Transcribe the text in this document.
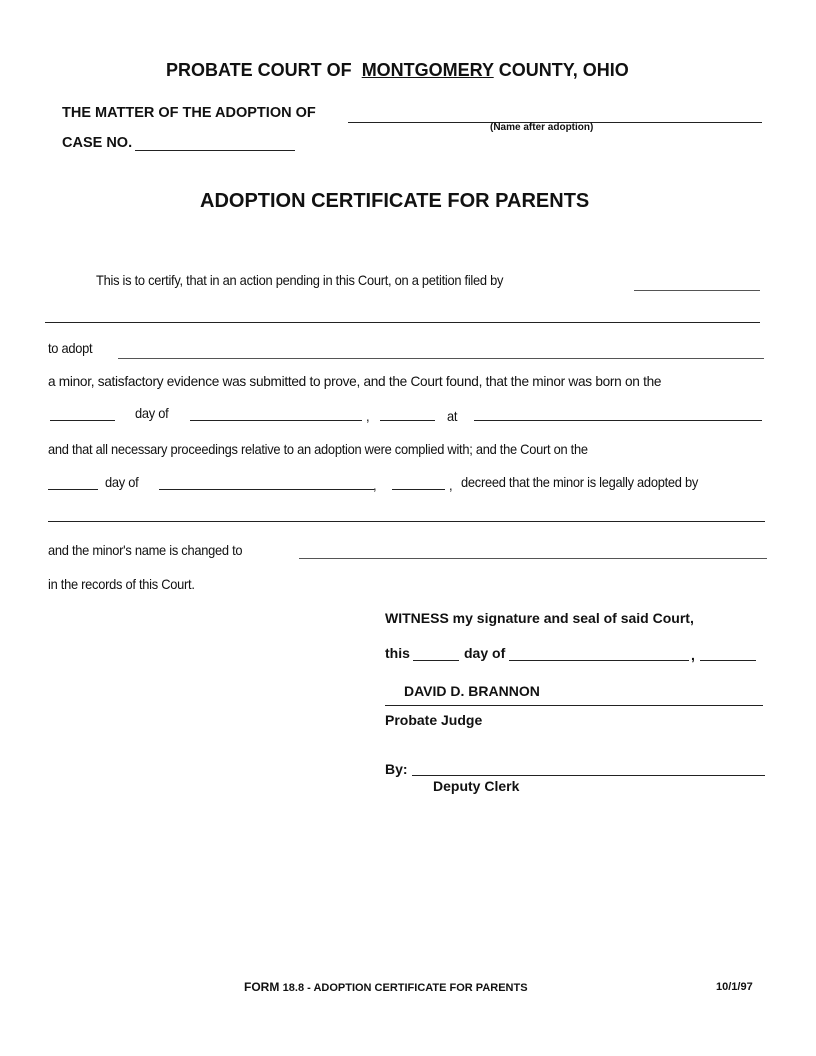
PROBATE COURT OF MONTGOMERY COUNTY, OHIO
THE MATTER OF THE ADOPTION OF
(Name after adoption)
CASE NO.
ADOPTION CERTIFICATE FOR PARENTS
This is to certify, that in an action pending in this Court, on a petition filed by
to adopt
a minor, satisfactory evidence was submitted to prove, and the Court found, that the minor was born on the
day of	,	at
and that all necessary proceedings relative to an adoption were complied with; and the Court on the
day of	,	, decreed that the minor is legally adopted by
and the minor's name is changed to
in the records of this Court.
WITNESS my signature and seal of said Court,
this	day of	,
DAVID D. BRANNON
Probate Judge
By:
Deputy Clerk
FORM 18.8 - ADOPTION CERTIFICATE FOR PARENTS	10/1/97
